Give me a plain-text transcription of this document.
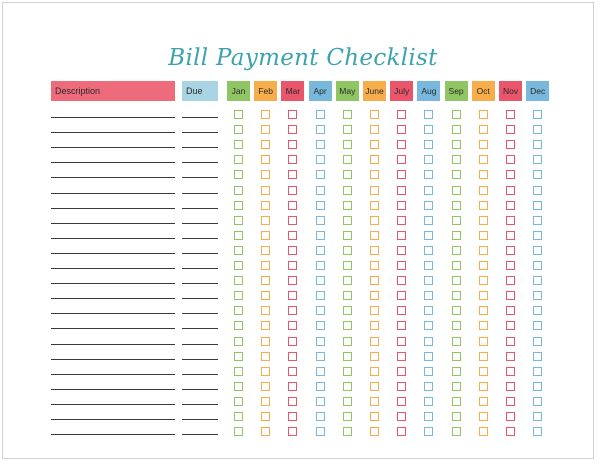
Bill Payment Checklist
Description	Due	Jan	Feb	Mar	Apr	May	June	July	Aug	Sep	Oct	Nov	Dec
